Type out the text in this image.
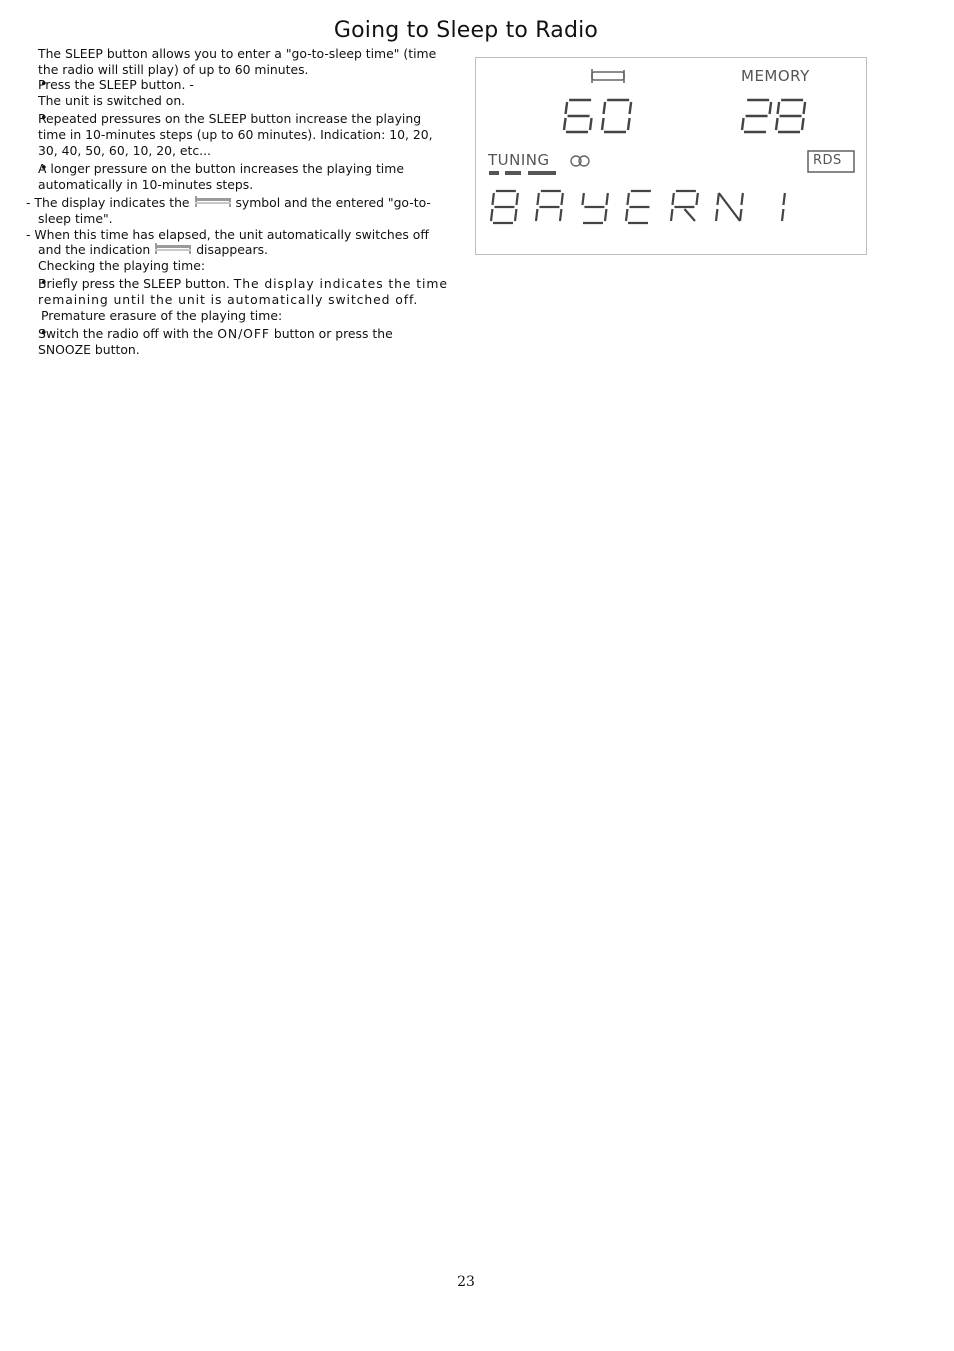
Going to Sleep to Radio

The SLEEP button allows you to enter a "go-to-sleep time" (time the radio will still play) of up to 60 minutes.

• Press the SLEEP button. -

The unit is switched on.

• Repeated pressures on the SLEEP button increase the playing time in 10-minutes steps (up to 60 minutes). Indication: 10, 20, 30, 40, 50, 60, 10, 20, etc...

• A longer pressure on the button increases the playing time automatically in 10-minutes steps.

- The display indicates the	symbol and the entered "go-to-sleep time".

- When this time has elapsed, the unit automatically switches off and the indication	disappears.

Checking the playing time:

• Briefly press the SLEEP button. The display indicates the time remaining until the unit is automatically switched off.

Premature erasure of the playing time:

• Switch the radio off with the ON/OFF button or press the SNOOZE button.

MEMORY
TUNING	RDS
23
